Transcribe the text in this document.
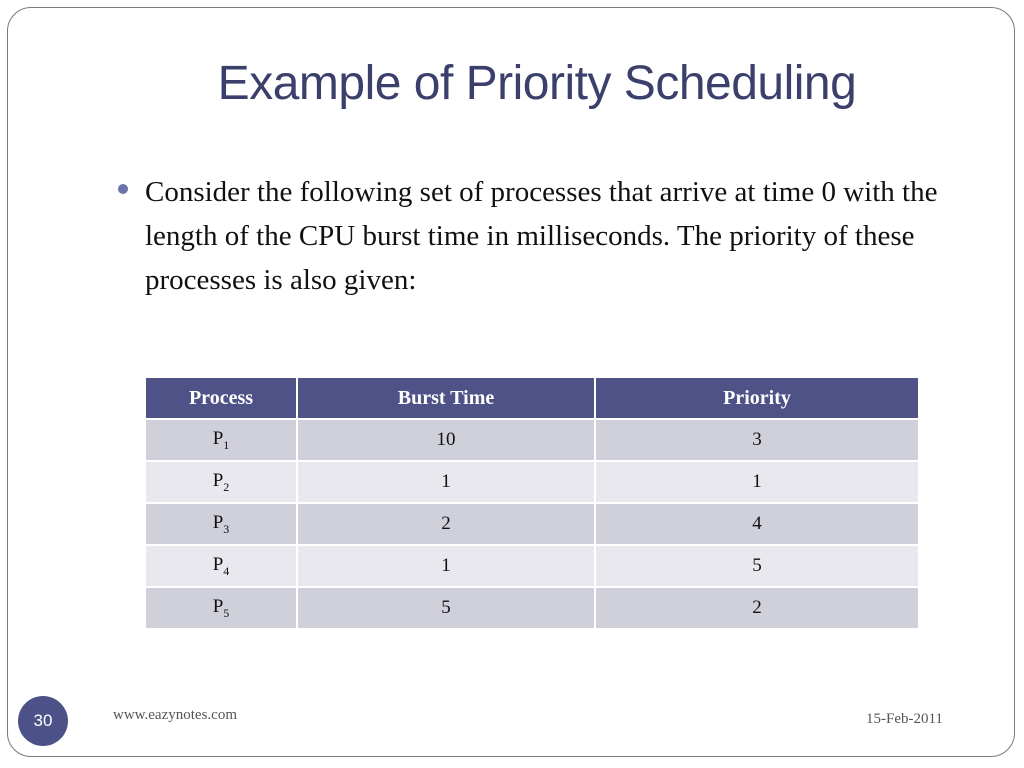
Example of Priority Scheduling
Consider the following set of processes that arrive at time 0 with the length of the CPU burst time in milliseconds. The priority of these processes is also given:
Process	Burst Time	Priority
$P_1$	10	3
$P_2$	1	1
$P_3$	2	4
$P_4$	1	5
$P_5$	5	2
30	www.eazynotes.com	15-Feb-2011
